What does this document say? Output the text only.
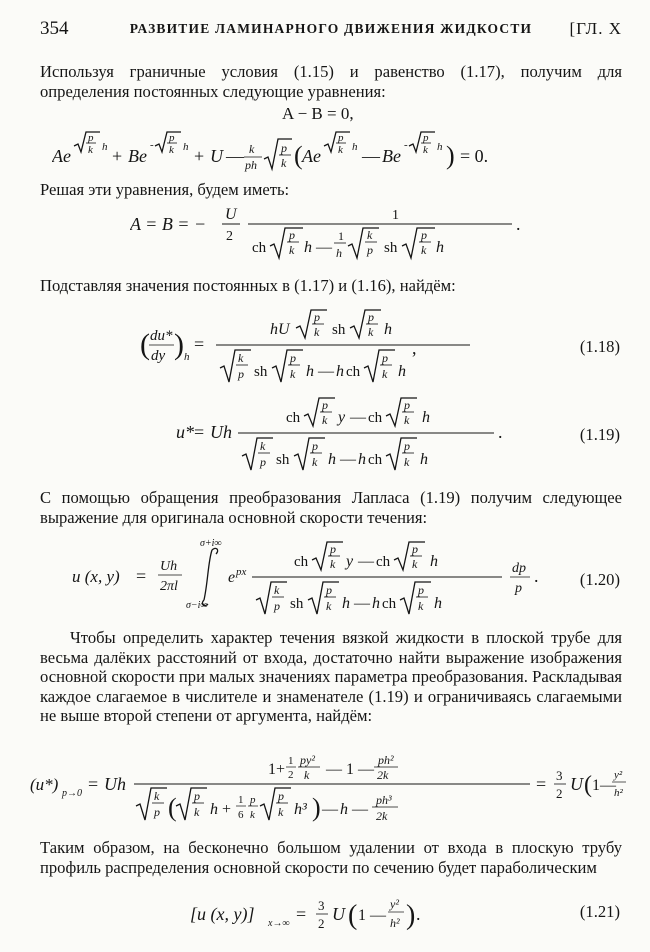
354	РАЗВИТИЕ ЛАМИНАРНОГО ДВИЖЕНИЯ ЖИДКОСТИ	[ГЛ. X

Используя граничные условия (1.15) и равенство (1.17), получим для определения постоянных следующие уравнения:

A − B = 0,
Ae
p
k h + Be
-
p
k h + U — k
ph
p
k ( Ae
p
k h — Be
-
p
k h ) = 0.

Решая эти уравнения, будем иметь:

A = B = − U
2
1
ch
p
k h —
1
h
k
p sh
p
k h
.

Подставляя значения постоянных в (1.17) и (1.16), найдём:

( du*
dy ) h
=
hU
p
k sh
p
k h
k
p sh
p
k h — h ch
p
k h
,	(1.18)
u* = Uh
ch
p
k y — ch
p
k h
k
p sh
p
k h — h ch
p
k h
.	(1.19)

С помощью обращения преобразования Лапласа (1.19) получим следующее выражение для оригинала основной скорости течения:

u (x, y) = Uh
2πl
σ+i∞
σ−i∞
e px
ch
p
k y — ch
p
k h
k
p sh
p
k h — h ch
p
k h
dp
p
. (1.20)

Чтобы определить характер течения вязкой жидкости в плоской трубе для весьма далёких расстояний от входа, достаточно найти выражение изображения основной скорости при малых значениях параметра преобразования. Раскладывая каждое слагаемое в числителе и знаменателе (1.19) и ограничиваясь слагаемыми не выше второй степени от аргумента, найдём:

(u*) p→0 = Uh
1+ 1
2
py²
k — 1 —
ph²
2k
k
p ( p
k h +
1
6
p
k
p
k h³ ) — h —
ph³
2k
= 3
2 U ( 1—
y²
h²

Таким образом, на бесконечно большом удалении от входа в плоскую трубу профиль распределения основной скорости по сечению будет параболическим

[u (x, y)] x→∞ = 3
2 U ( 1 —
y²
h² ) .	(1.21)
